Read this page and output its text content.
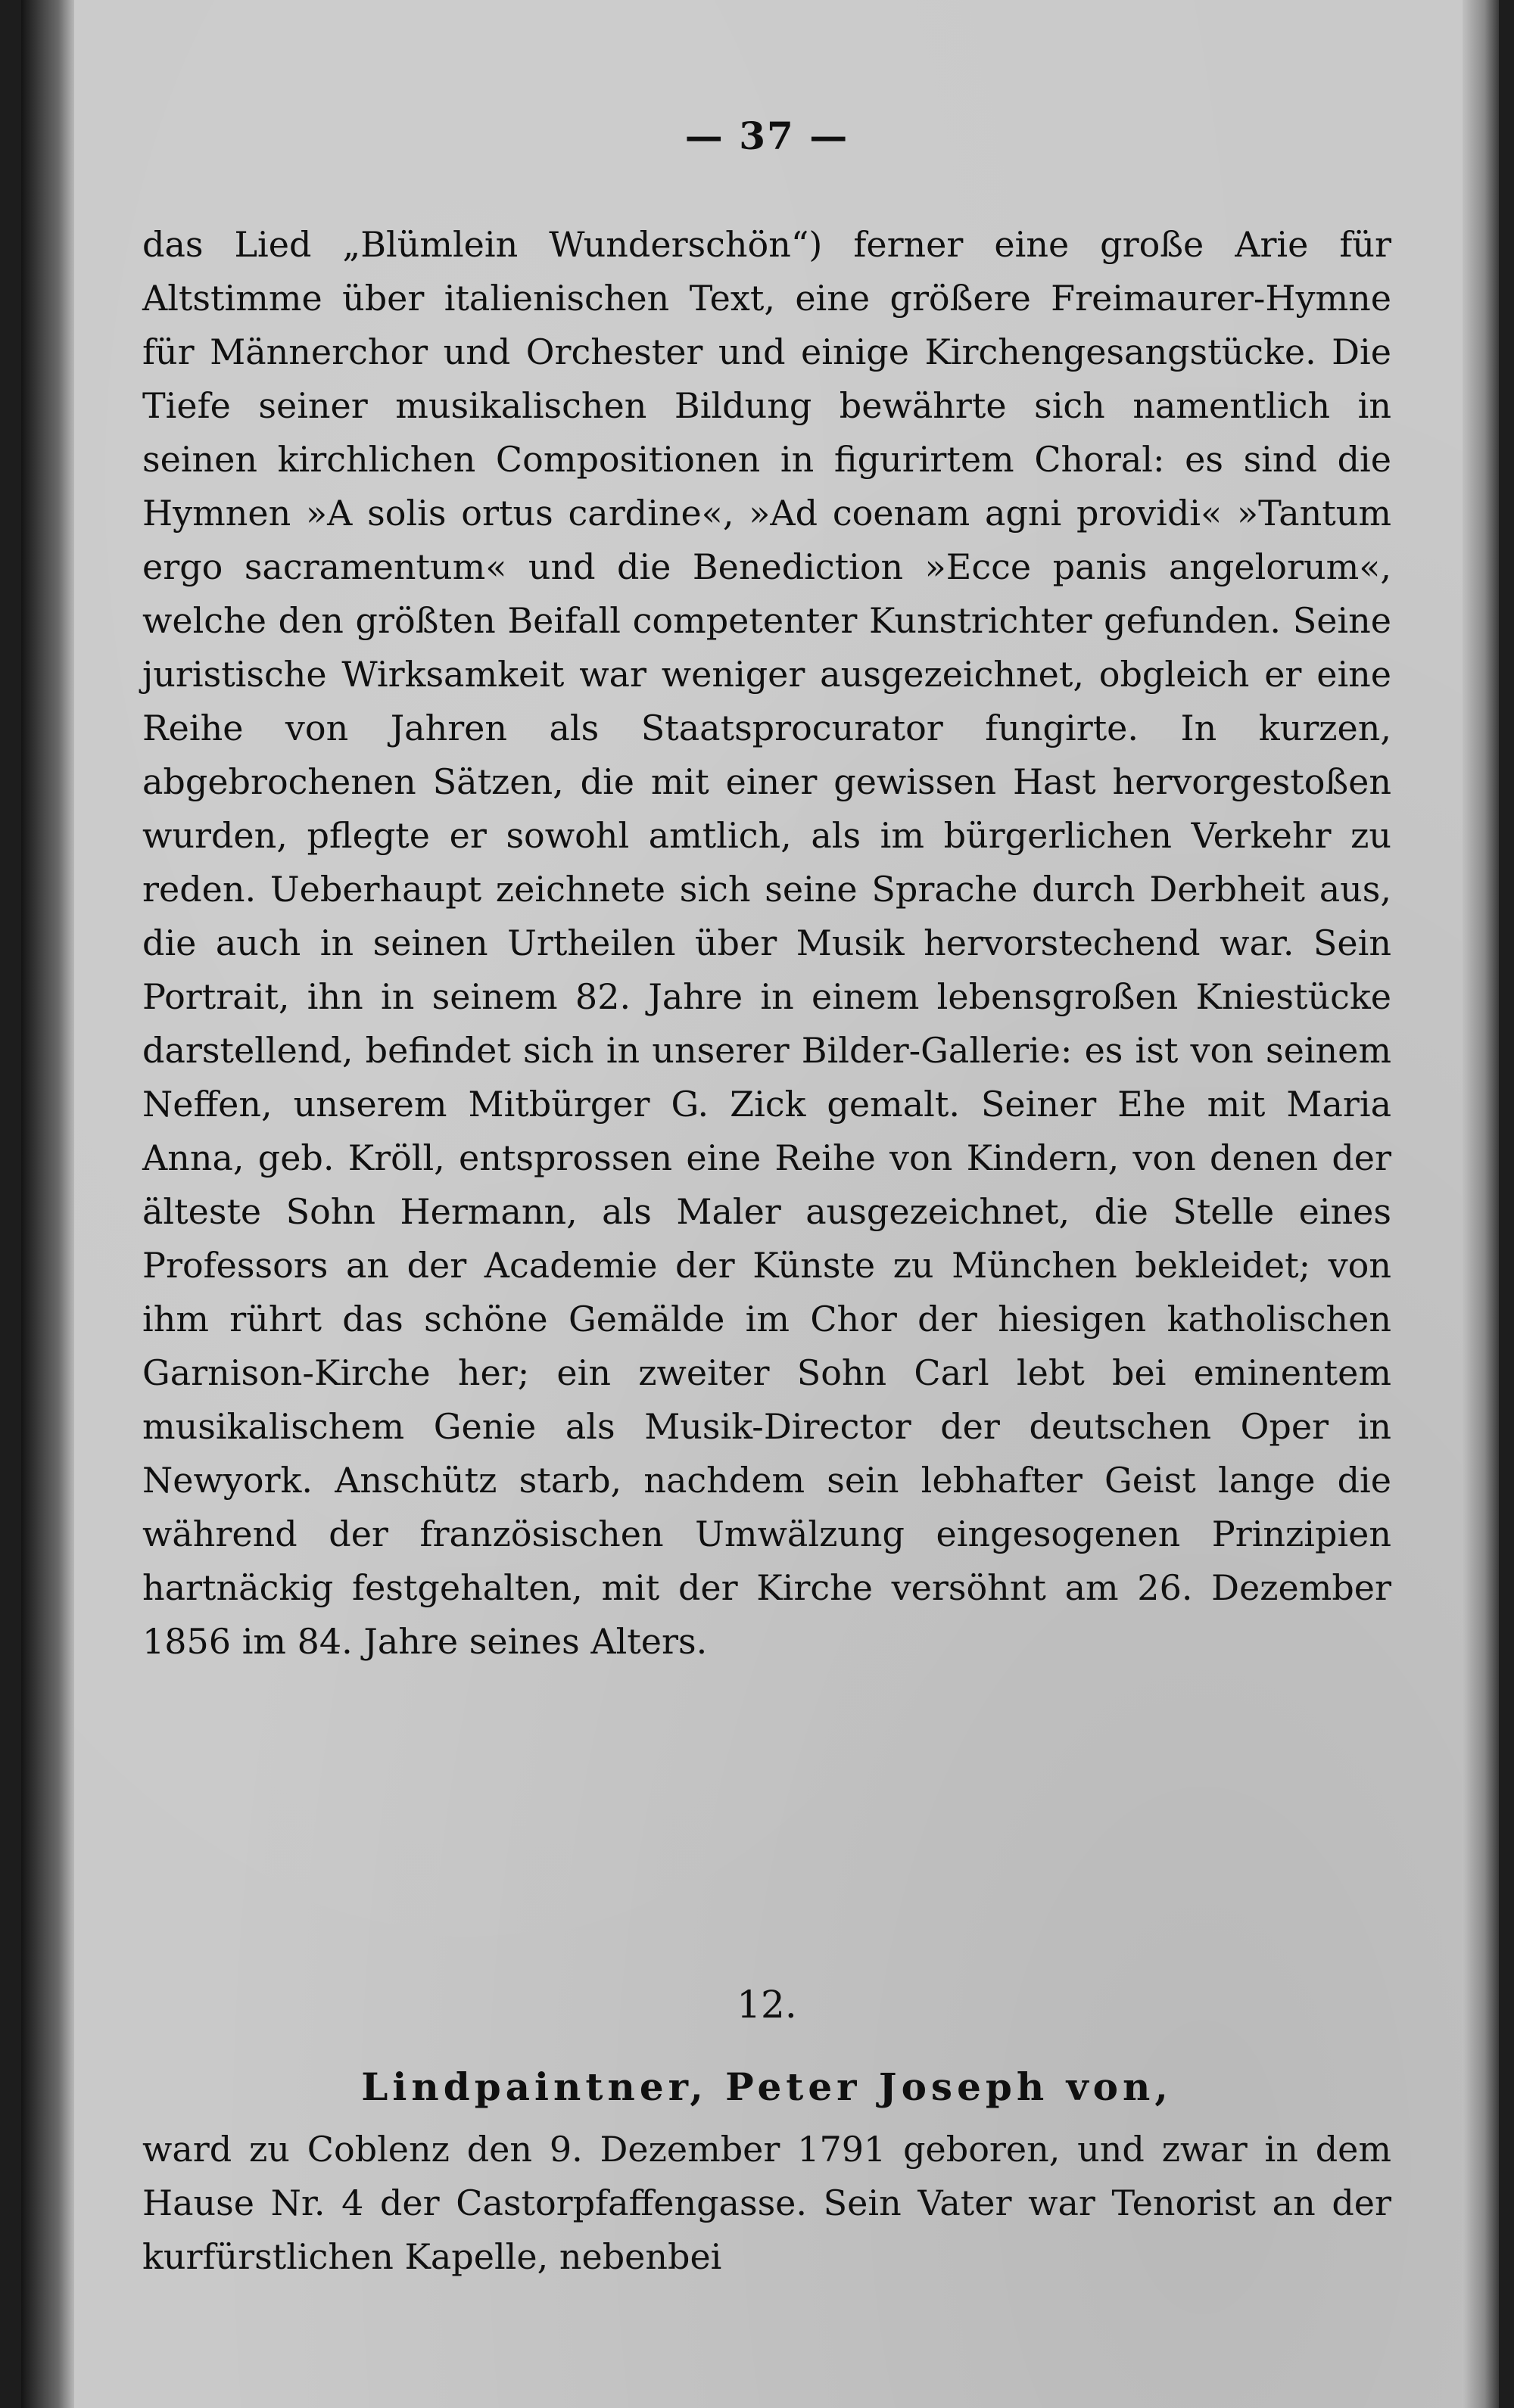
— 37 —

das Lied „Blümlein Wunderschön“) ferner eine große Arie für Altstimme über italienischen Text, eine größere Freimaurer-Hymne für Männerchor und Orchester und einige Kirchengesangstücke. Die Tiefe seiner musikalischen Bildung bewährte sich namentlich in seinen kirchlichen Compositionen in figurirtem Choral: es sind die Hymnen »A solis ortus cardine«, »Ad coenam agni providi« »Tantum ergo sacramentum« und die Benediction »Ecce panis angelorum«, welche den größten Beifall competenter Kunstrichter gefunden. Seine juristische Wirksamkeit war weniger ausgezeichnet, obgleich er eine Reihe von Jahren als Staatsprocurator fungirte. In kurzen, abgebrochenen Sätzen, die mit einer gewissen Hast hervorgestoßen wurden, pflegte er sowohl amtlich, als im bürgerlichen Verkehr zu reden. Ueberhaupt zeichnete sich seine Sprache durch Derbheit aus, die auch in seinen Urtheilen über Musik hervorstechend war. Sein Portrait, ihn in seinem 82. Jahre in einem lebensgroßen Kniestücke darstellend, befindet sich in unserer Bilder-Gallerie: es ist von seinem Neffen, unserem Mitbürger G. Zick gemalt. Seiner Ehe mit Maria Anna, geb. Kröll, entsprossen eine Reihe von Kindern, von denen der älteste Sohn Hermann, als Maler ausgezeichnet, die Stelle eines Professors an der Academie der Künste zu München bekleidet; von ihm rührt das schöne Gemälde im Chor der hiesigen katholischen Garnison-Kirche her; ein zweiter Sohn Carl lebt bei eminentem musikalischem Genie als Musik-Director der deutschen Oper in Newyork. Anschütz starb, nachdem sein lebhafter Geist lange die während der französischen Umwälzung eingesogenen Prinzipien hartnäckig festgehalten, mit der Kirche versöhnt am 26. Dezember 1856 im 84. Jahre seines Alters.

12.
Lindpaintner, Peter Joseph von,

ward zu Coblenz den 9. Dezember 1791 geboren, und zwar in dem Hause Nr. 4 der Castorpfaffengasse. Sein Vater war Tenorist an der kurfürstlichen Kapelle, nebenbei
